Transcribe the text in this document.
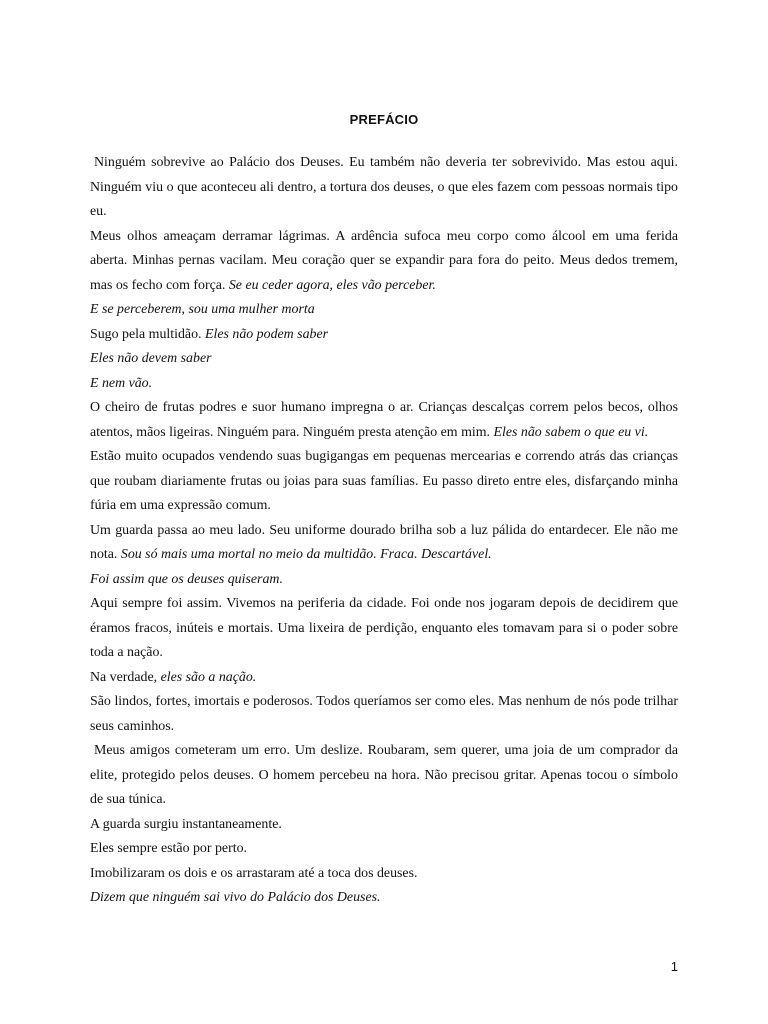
PREFÁCIO

Ninguém sobrevive ao Palácio dos Deuses. Eu também não deveria ter sobrevivido. Mas estou aqui. Ninguém viu o que aconteceu ali dentro, a tortura dos deuses, o que eles fazem com pessoas normais tipo eu.

Meus olhos ameaçam derramar lágrimas. A ardência sufoca meu corpo como álcool em uma ferida aberta. Minhas pernas vacilam. Meu coração quer se expandir para fora do peito. Meus dedos tremem, mas os fecho com força. Se eu ceder agora, eles vão perceber.

E se perceberem, sou uma mulher morta

Sugo pela multidão. Eles não podem saber

Eles não devem saber

E nem vão.

O cheiro de frutas podres e suor humano impregna o ar. Crianças descalças correm pelos becos, olhos atentos, mãos ligeiras. Ninguém para. Ninguém presta atenção em mim. Eles não sabem o que eu vi.

Estão muito ocupados vendendo suas bugigangas em pequenas mercearias e correndo atrás das crianças que roubam diariamente frutas ou joias para suas famílias. Eu passo direto entre eles, disfarçando minha fúria em uma expressão comum.

Um guarda passa ao meu lado. Seu uniforme dourado brilha sob a luz pálida do entardecer. Ele não me nota. Sou só mais uma mortal no meio da multidão. Fraca. Descartável.

Foi assim que os deuses quiseram.

Aqui sempre foi assim. Vivemos na periferia da cidade. Foi onde nos jogaram depois de decidirem que éramos fracos, inúteis e mortais. Uma lixeira de perdição, enquanto eles tomavam para si o poder sobre toda a nação.

Na verdade, eles são a nação.

São lindos, fortes, imortais e poderosos. Todos queríamos ser como eles. Mas nenhum de nós pode trilhar seus caminhos.

Meus amigos cometeram um erro. Um deslize. Roubaram, sem querer, uma joia de um comprador da elite, protegido pelos deuses. O homem percebeu na hora. Não precisou gritar. Apenas tocou o símbolo de sua túnica.

A guarda surgiu instantaneamente.

Eles sempre estão por perto.

Imobilizaram os dois e os arrastaram até a toca dos deuses.

Dizem que ninguém sai vivo do Palácio dos Deuses.

1
